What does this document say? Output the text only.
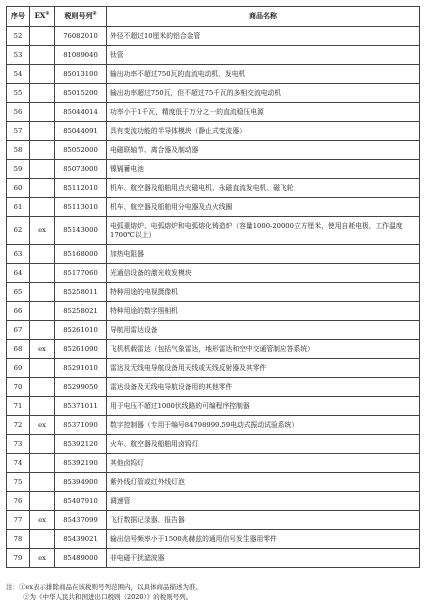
序号	EX①	税则号列②	商品名称
52		76082010	外径不超过10厘米的铝合金管
53		81089040	钛管
54		85013100	输出功率不超过750瓦的直流电动机、发电机
55		85015200	输出功率超过750瓦，但不超过75千瓦的多相交流电动机
56		85044014	功率小于1千瓦，精度低于万分之一的直流稳压电源
57		85044091	具有变流功能的半导体模块（静止式变流器）
58		85052000	电磁联轴节、离合器及制动器
59		85073000	镍镉蓄电池
60		85112010	机车、航空器及船舶用点火磁电机、永磁直流发电机、磁飞轮
61		85113010	机车、航空器及船舶用分电器及点火线圈
62	ex	85143000	电弧重熔炉、电弧熔炉和电弧熔化铸造炉（容量1000-20000立方厘米，使用自耗电极，工作温度1700℃以上）
63		85168000	加热电阻器
64		85177060	光通信设备的激光收发模块
65		85258011	特种用途的电视摄像机
66		85258021	特种用途的数字照相机
67		85261010	导航用雷达设备
68	ex	85261090	飞机机载雷达（包括气象雷达，地形雷达和空中交通管制应答系统）
69		85291010	雷达及无线电导航设备用天线或天线反射器及其零件
70		85299050	雷达设备及无线电导航设备用的其他零件
71		85371011	用于电压不超过1000伏线路的可编程序控制器
72	ex	85371090	数字控制器（专用于编号84798999.59电动式振动试验系统）
73		85392120	火车、航空器及船舶用卤钨灯
74		85392190	其他卤钨灯
75		85394900	紫外线灯管或红外线灯泡
76		85407910	调速管
77	ex	85437099	飞行数据记录器、报告器
78		85439021	输出信号频率小于1500兆赫兹的通用信号发生器用零件
79	ex	85489000	非电磁干扰滤波器
注：①ex表示排除商品在该税则号列范围内，以具体商品描述为准。
②为《中华人民共和国进出口税则（2020）》的税则号列。
